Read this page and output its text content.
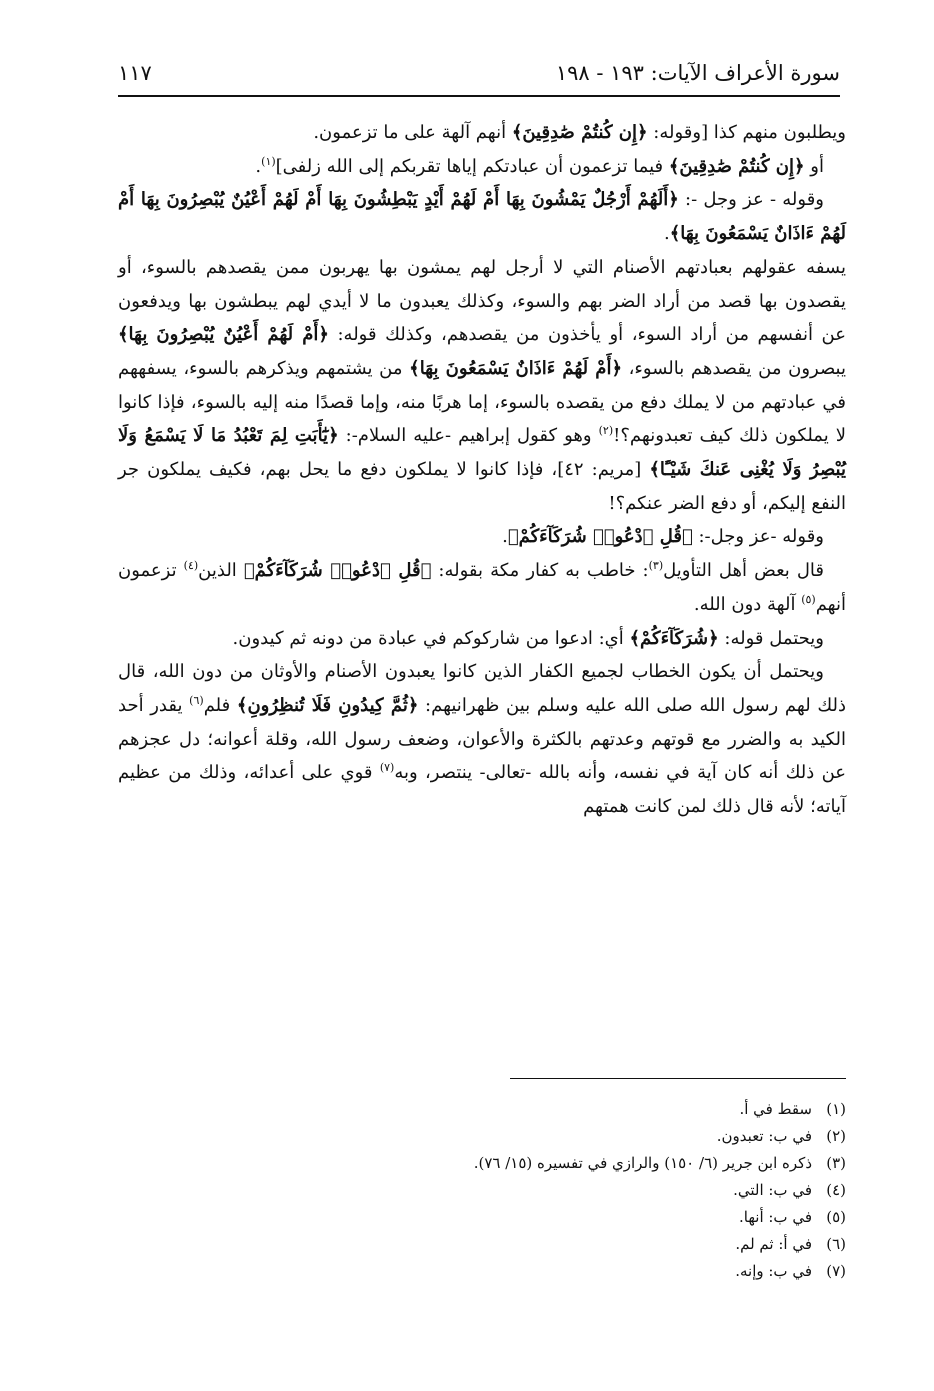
سورة الأعراف الآيات: ١٩٣ - ١٩٨
١١٧

ويطلبون منهم كذا [وقوله: ﴿إِن كُنتُمْ صَٰدِقِينَ﴾ أنهم آلهة على ما تزعمون.

أو ﴿إِن كُنتُمْ صَٰدِقِينَ﴾ فيما تزعمون أن عبادتكم إياها تقربكم إلى الله زلفى]$^{(١)}$.

وقوله - عز وجل -: ﴿أَلَهُمْ أَرْجُلٌ يَمْشُونَ بِهَا أَمْ لَهُمْ أَيْدٍ يَبْطِشُونَ بِهَا أَمْ لَهُمْ أَعْيُنٌ يُبْصِرُونَ بِهَا أَمْ لَهُمْ ءَاذَانٌ يَسْمَعُونَ بِهَا﴾.

يسفه عقولهم بعبادتهم الأصنام التي لا أرجل لهم يمشون بها يهربون ممن يقصدهم بالسوء، أو يقصدون بها قصد من أراد الضر بهم والسوء، وكذلك يعبدون ما لا أيدي لهم يبطشون بها ويدفعون عن أنفسهم من أراد السوء، أو يأخذون من يقصدهم، وكذلك قوله: ﴿أَمْ لَهُمْ أَعْيُنٌ يُبْصِرُونَ بِهَا﴾ يبصرون من يقصدهم بالسوء، ﴿أَمْ لَهُمْ ءَاذَانٌ يَسْمَعُونَ بِهَا﴾ من يشتمهم ويذكرهم بالسوء، يسفههم في عبادتهم من لا يملك دفع من يقصده بالسوء، إما هربًا منه، وإما قصدًا منه إليه بالسوء، فإذا كانوا لا يملكون ذلك كيف تعبدونهم؟!$^{(٢)}$ وهو كقول إبراهيم -عليه السلام-: ﴿يَٰٓأَبَتِ لِمَ تَعْبُدُ مَا لَا يَسْمَعُ وَلَا يُبْصِرُ وَلَا يُغْنِى عَنكَ شَيْـًٔا﴾ [مريم: ٤٢]، فإذا كانوا لا يملكون دفع ما يحل بهم، فكيف يملكون جر النفع إليكم، أو دفع الضر عنكم؟!

وقوله -عز وجل-: ﴿قُلِ ٱدْعُوا۟ شُرَكَآءَكُمْ﴾.

قال بعض أهل التأويل$^{(٣)}$: خاطب به كفار مكة بقوله: ﴿قُلِ ٱدْعُوا۟ شُرَكَآءَكُمْ﴾ الذين$^{(٤)}$ تزعمون أنهم$^{(٥)}$ آلهة دون الله.

ويحتمل قوله: ﴿شُرَكَآءَكُمْ﴾ أي: ادعوا من شاركوكم في عبادة من دونه ثم كيدون.

ويحتمل أن يكون الخطاب لجميع الكفار الذين كانوا يعبدون الأصنام والأوثان من دون الله، قال ذلك لهم رسول الله صلى الله عليه وسلم بين ظهرانيهم: ﴿ثُمَّ كِيدُونِ فَلَا تُنظِرُونِ﴾ فلم$^{(٦)}$ يقدر أحد الكيد به والضرر مع قوتهم وعدتهم بالكثرة والأعوان، وضعف رسول الله، وقلة أعوانه؛ دل عجزهم عن ذلك أنه كان آية في نفسه، وأنه بالله -تعالى- ينتصر، وبه$^{(٧)}$ قوي على أعدائه، وذلك من عظيم آياته؛ لأنه قال ذلك لمن كانت همتهم

(١)سقط في أ.
(٢)في ب: تعبدون.
(٣)ذكره ابن جرير (٦/ ١٥٠) والرازي في تفسيره (١٥/ ٧٦).
(٤)في ب: التي.
(٥)في ب: أنها.
(٦)في أ: ثم لم.
(٧)في ب: وإنه.
